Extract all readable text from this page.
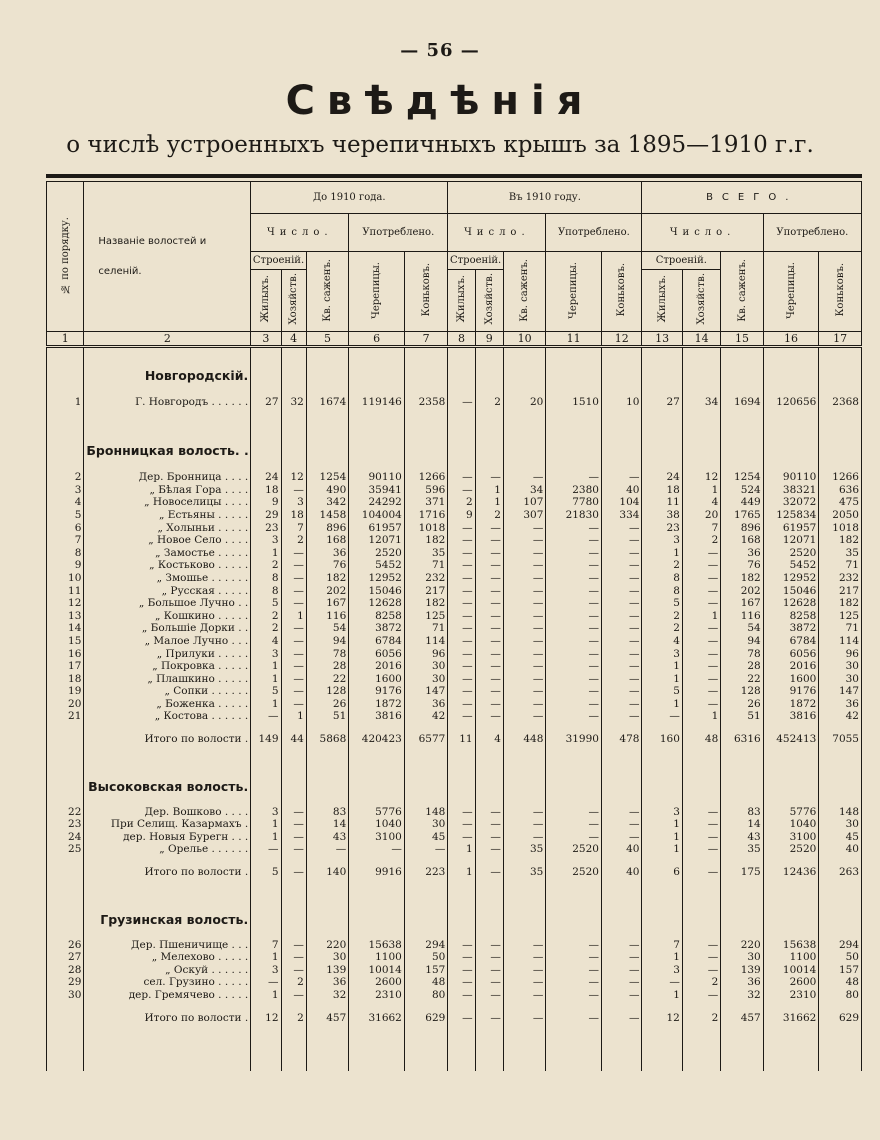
— 56 —
Свѣдѣнія
о числѣ устроенныхъ черепичныхъ крышъ за 1895—1910 г.г.
№ по порядку.	Названіе волостей и селеній.	До 1910 года.					Въ 1910 году.					ВСЕГО.				
		Число.			Употреблено.		Число.			Употреблено.		Число.			Употреблено.	
		Строеній.		Кв. саженъ.	Черепицы.	Коньковъ.	Строеній.		Кв. саженъ.	Черепицы.	Коньковъ.	Строеній.		Кв. саженъ.	Черепицы.	Коньковъ.
		Жилыхъ.	Хозяйств.				Жилыхъ.	Хозяйств.				Жилыхъ.	Хозяйств.			
1	2	3	4	5	6	7	8	9	10	11	12	13	14	15	16	17

	Новгородскій.															

1	Г. Новгородъ . . . . . .	27	32	1674	119146	2358	—	2	20	1510	10	27	34	1694	120656	2368

	Бронницкая волость. .															

2	Дер. Бронница . . . .	24	12	1254	90110	1266	—	—	—	—	—	24	12	1254	90110	1266
3	„ Бѣлая Гора . . . .	18	—	490	35941	596	—	1	34	2380	40	18	1	524	38321	636
4	„ Новоселицы . . . .	9	3	342	24292	371	2	1	107	7780	104	11	4	449	32072	475
5	„ Естьяны . . . . .	29	18	1458	104004	1716	9	2	307	21830	334	38	20	1765	125834	2050
6	„ Холыньи . . . . .	23	7	896	61957	1018	—	—	—	—	—	23	7	896	61957	1018
7	„ Новое Село . . . .	3	2	168	12071	182	—	—	—	—	—	3	2	168	12071	182
8	„ Замостье . . . . .	1	—	36	2520	35	—	—	—	—	—	1	—	36	2520	35
9	„ Костьково . . . . .	2	—	76	5452	71	—	—	—	—	—	2	—	76	5452	71
10	„ Змошье . . . . . .	8	—	182	12952	232	—	—	—	—	—	8	—	182	12952	232
11	„ Русская . . . . .	8	—	202	15046	217	—	—	—	—	—	8	—	202	15046	217
12	„ Большое Лучно . .	5	—	167	12628	182	—	—	—	—	—	5	—	167	12628	182
13	„ Кошкино . . . . .	2	1	116	8258	125	—	—	—	—	—	2	1	116	8258	125
14	„ Большіе Дорки . .	2	—	54	3872	71	—	—	—	—	—	2	—	54	3872	71
15	„ Малое Лучно . . .	4	—	94	6784	114	—	—	—	—	—	4	—	94	6784	114
16	„ Прилуки . . . . .	3	—	78	6056	96	—	—	—	—	—	3	—	78	6056	96
17	„ Покровка . . . . .	1	—	28	2016	30	—	—	—	—	—	1	—	28	2016	30
18	„ Плашкино . . . . .	1	—	22	1600	30	—	—	—	—	—	1	—	22	1600	30
19	„ Сопки . . . . . .	5	—	128	9176	147	—	—	—	—	—	5	—	128	9176	147
20	„ Боженка . . . . .	1	—	26	1872	36	—	—	—	—	—	1	—	26	1872	36
21	„ Костова . . . . . .	—	1	51	3816	42	—	—	—	—	—	—	1	51	3816	42

	Итого по волости .	149	44	5868	420423	6577	11	4	448	31990	478	160	48	6316	452413	7055

	Высоковская волость.															

22	Дер. Вошково . . . .	3	—	83	5776	148	—	—	—	—	—	3	—	83	5776	148
23	При Селищ. Казармахъ .	1	—	14	1040	30	—	—	—	—	—	1	—	14	1040	30
24	дер. Новыя Бурегн . . .	1	—	43	3100	45	—	—	—	—	—	1	—	43	3100	45
25	„ Орелье . . . . . .	—	—	—	—	—	1	—	35	2520	40	1	—	35	2520	40

	Итого по волости .	5	—	140	9916	223	1	—	35	2520	40	6	—	175	12436	263

	Грузинская волость.															

26	Дер. Пшеничище . . .	7	—	220	15638	294	—	—	—	—	—	7	—	220	15638	294
27	„ Мелехово . . . . .	1	—	30	1100	50	—	—	—	—	—	1	—	30	1100	50
28	„ Оскуй . . . . . .	3	—	139	10014	157	—	—	—	—	—	3	—	139	10014	157
29	сел. Грузино . . . . .	—	2	36	2600	48	—	—	—	—	—	—	2	36	2600	48
30	дер. Гремячево . . . . .	1	—	32	2310	80	—	—	—	—	—	1	—	32	2310	80

	Итого по волости .	12	2	457	31662	629	—	—	—	—	—	12	2	457	31662	629
